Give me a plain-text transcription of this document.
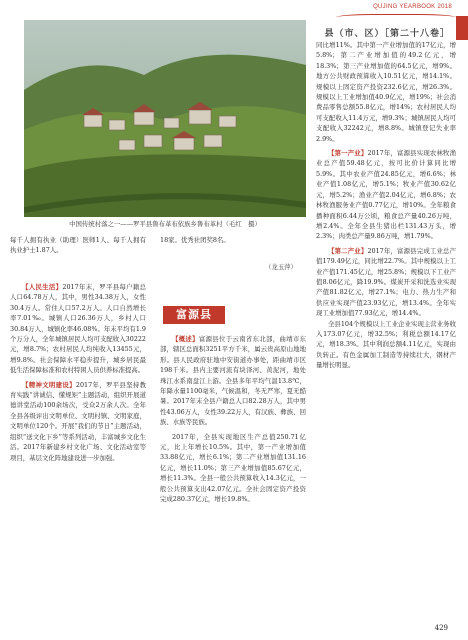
QUJING YEARBOOK 2018
县（市、区）［第二十八卷］
中国传统村落之一——罗平县鲁布革布依族乡鲁布革村（毛红　摄）

每千人拥有执业（助理）医师1人、每千人拥有执业护士1.87人。

18家。优秀社团奖8名。

（龙玉萍）

【人民生活】2017年末，罗平县每户籍总人口64.78万人，其中，男性34.38万人，女性30.4万人。常住人口57.2万人。人口自然增长率7.01‰。城镇人口26.36万人，乡村人口30.84万人，城镇化率46.08%。年末平均有1.9个万分人，全年城镇居民人均可支配收入30222元，增8.7%；农村居民人均纯收入13455元，增9.8%。社会保障水平稳步提升，城乡居民最低生活保障标准和农村特困人员供养标准提高。

【精神文明建设】2017年，罗平县坚持教育实践“讲诚信、懂规矩”主题活动，组织开展道德讲堂活动100余场次，受众2万余人次。全年全县各级评出文明单位、文明村镇、文明家庭，文明单位120个。开展“我们的节日”主题活动，组织“送文化下乡”等系列活动，丰富城乡文化生活。2017年新建乡村文化广场、文化活动室等项目，基层文化阵地建设进一步加强。

富源县

【概述】富源县位于云南省东北部，曲靖市东部，辖区总面积3251平方千米，属云贵高原山地地形。县人民政府驻地中安街道办事处，距曲靖市区198千米。县内主要河流有块泽河、黄泥河，地处珠江水系南盘江上游。全县多年平均气温13.8℃，年降水量1100毫米，气候温和，冬无严寒，夏无酷暑。2017年末全县户籍总人口82.28万人，其中男性43.06万人，女性39.22万人，有汉族、彝族、回族、水族等民族。

2017年，全县实现地区生产总值250.71亿元，比上年增长10.5%。其中，第一产业增加值33.88亿元，增长6.1%；第二产业增加值131.16亿元，增长11.0%；第三产业增加值85.67亿元，增长11.3%。全县一般公共预算收入14.3亿元，一般公共预算支出42.07亿元。全社会固定资产投资完成280.37亿元，增长19.8%。

同比增11%。其中第一产业增加值的17亿元，增5.8%；第二产业增加值的49.2亿元，增18.3%；第三产业增加值的64.5亿元，增9%。地方公共财政预算收入10.51亿元，增14.1%。规模以上固定资产投资232.6亿元，增26.3%。规模以上工业增加值40.9亿元，增19%；社会消费品零售总额55.8亿元，增14%；农村居民人均可支配收入11.4万元，增9.3%；城镇居民人均可支配收入32242元，增8.8%。城镇登记失业率2.9%。

【第一产业】2017年，富源县实现农林牧渔业总产值59.48亿元，按可比价计算同比增5.9%。其中农业产值24.85亿元，增6.6%；林业产值1.08亿元，增5.1%；牧业产值30.62亿元，增5.2%；渔业产值2.04亿元，增6.8%；农林牧渔服务业产值0.77亿元，增10%。全年粮食播种面积6.44万公顷，粮食总产量40.26万吨，增2.4%。全年全县生猪出栏131.43万头，增2.3%；肉类总产量9.86万吨，增1.79%。

【第二产业】2017年，富源县完成工业总产值179.49亿元，同比增22.7%。其中规模以上工业产值171.45亿元，增25.8%；规模以下工业产值8.06亿元，降19.9%。煤炭开采和洗选业实现产值81.82亿元，增27.1%；电力、热力生产和供应业实现产值23.93亿元，增13.4%。全年实现工业增加值77.93亿元，增14.4%。

全县104个规模以上工业企业实现主营业务收入173.07亿元，增32.5%；利税总额14.17亿元，增18.3%。其中利润总额4.11亿元，实现由负转正。有色金属加工制造等持续壮大，钢材产量增长明显。

429
